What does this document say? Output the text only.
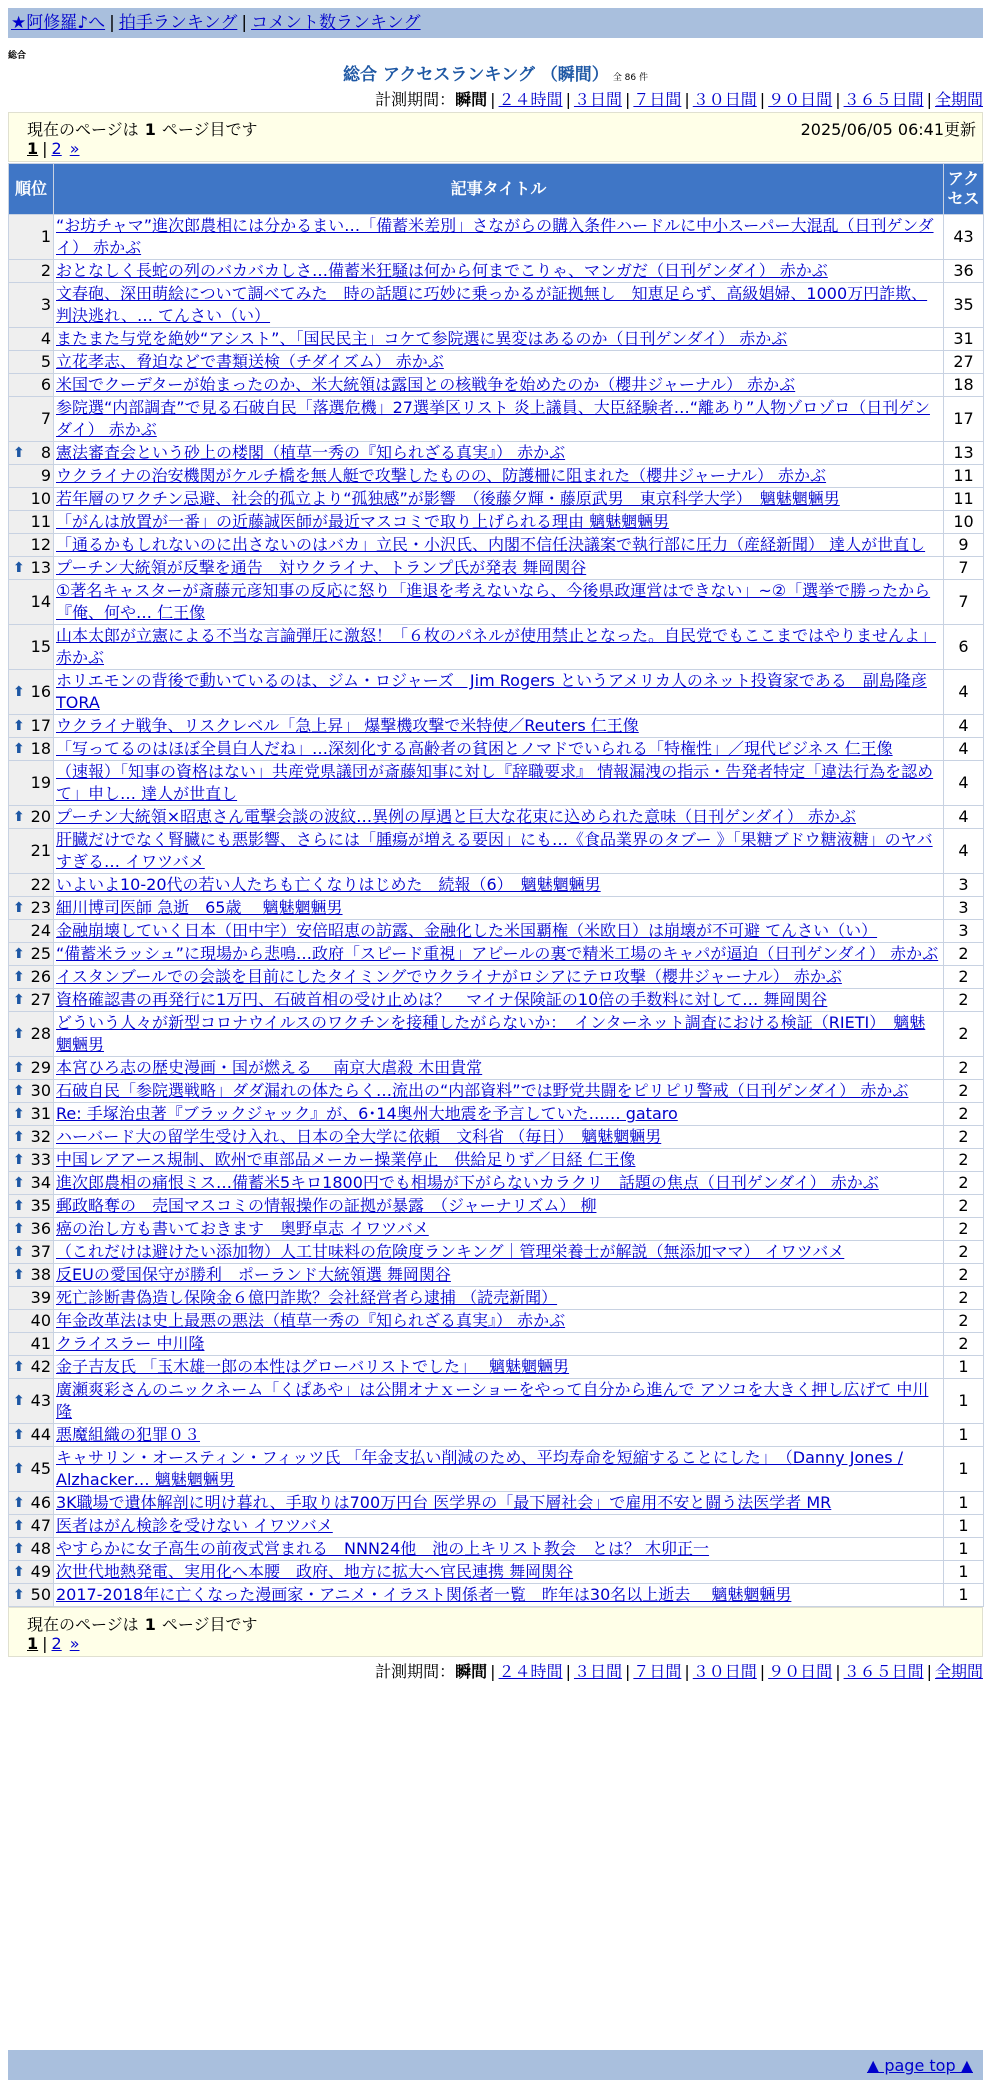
★阿修羅♪へ | 拍手ランキング | コメント数ランキング
総合
総合 アクセスランキング （瞬間） 全 86 件
計測期間：瞬間 | ２４時間 | ３日間 | ７日間 | ３０日間 | ９０日間 | ３６５日間 | 全期間
現在のページは 1 ページ目です	2025/06/05 06:41更新
1 | 2 »
順位	記事タイトル	アクセス
1	“お坊チャマ”進次郎農相には分かるまい…「備蓄米差別」さながらの購入条件ハードルに中小スーパー大混乱（日刊ゲンダイ） 赤かぶ	43
2	おとなしく長蛇の列のバカバカしさ…備蓄米狂騒は何から何までこりゃ、マンガだ（日刊ゲンダイ） 赤かぶ	36
3	文春砲、深田萌絵について調べてみた　時の話題に巧妙に乗っかるが証拠無し　知恵足らず、高級娼婦、1000万円詐欺、判決逃れ、… てんさい（い）	35
4	またまた与党を絶妙“アシスト”、「国民民主」コケて参院選に異変はあるのか（日刊ゲンダイ） 赤かぶ	31
5	立花孝志、脅迫などで書類送検（チダイズム） 赤かぶ	27
6	米国でクーデターが始まったのか、米大統領は露国との核戦争を始めたのか（櫻井ジャーナル） 赤かぶ	18
7	参院選“内部調査”で見る石破自民「落選危機」27選挙区リスト 炎上議員、大臣経験者…“離あり”人物ゾロゾロ（日刊ゲンダイ） 赤かぶ	17

⬆ 8	憲法審査会という砂上の楼閣（植草一秀の『知られざる真実』） 赤かぶ	13
9	ウクライナの治安機関がケルチ橋を無人艇で攻撃したものの、防護柵に阻まれた（櫻井ジャーナル） 赤かぶ	11
10	若年層のワクチン忌避、社会的孤立より“孤独感”が影響　（後藤夕輝・藤原武男　東京科学大学）　魑魅魍魎男	11
11	「がんは放置が一番」の近藤誠医師が最近マスコミで取り上げられる理由 魑魅魍魎男	10
12	「通るかもしれないのに出さないのはバカ」立民・小沢氏、内閣不信任決議案で執行部に圧力（産経新聞） 達人が世直し	9

⬆ 13	プーチン大統領が反撃を通告　対ウクライナ、トランプ氏が発表 舞岡関谷	7
14	①著名キャスターが斎藤元彦知事の反応に怒り「進退を考えないなら、今後県政運営はできない」~②「選挙で勝ったから『俺、何や… 仁王像	7
15	山本太郎が立憲による不当な言論弾圧に激怒！「６枚のパネルが使用禁止となった。自民党でもここまではやりませんよ」 赤かぶ	6

⬆ 16	ホリエモンの背後で動いているのは、ジム・ロジャーズ　Jim Rogers というアメリカ人のネット投資家である　副島隆彦 TORA	4

⬆ 17	ウクライナ戦争、リスクレベル「急上昇」 爆撃機攻撃で米特使／Reuters 仁王像	4

⬆ 18	「写ってるのはほぼ全員白人だね」…深刻化する高齢者の貧困とノマドでいられる「特権性」／現代ビジネス 仁王像	4
19	（速報）「知事の資格はない」共産党県議団が斎藤知事に対し『辞職要求』 情報漏洩の指示・告発者特定「違法行為を認めて」申し… 達人が世直し	4

⬆ 20	プーチン大統領×昭恵さん電撃会談の波紋…異例の厚遇と巨大な花束に込められた意味（日刊ゲンダイ） 赤かぶ	4
21	肝臓だけでなく腎臓にも悪影響、さらには「腫瘍が増える要因」にも…《食品業界のタブー 》「果糖ブドウ糖液糖」のヤバすぎる… イワツバメ	4
22	いよいよ10-20代の若い人たちも亡くなりはじめた　続報（6）　魑魅魍魎男	3

⬆ 23	細川博司医師 急逝　65歳　 魑魅魍魎男	3
24	金融崩壊していく日本（田中宇）安倍昭恵の訪露、金融化した米国覇権（米欧日）は崩壊が不可避 てんさい（い）	3

⬆ 25	“備蓄米ラッシュ”に現場から悲鳴…政府「スピード重視」アピールの裏で精米工場のキャパが逼迫（日刊ゲンダイ） 赤かぶ	2

⬆ 26	イスタンブールでの会談を目前にしたタイミングでウクライナがロシアにテロ攻撃（櫻井ジャーナル） 赤かぶ	2

⬆ 27	資格確認書の再発行に1万円、石破首相の受け止めは？　マイナ保険証の10倍の手数料に対して… 舞岡関谷	2

⬆ 28	どういう人々が新型コロナウイルスのワクチンを接種したがらないか：　インターネット調査における検証（RIETI）　魑魅魍魎男	2

⬆ 29	本宮ひろ志の歴史漫画・国が燃える　 南京大虐殺 木田貴常	2

⬆ 30	石破自民「参院選戦略」ダダ漏れの体たらく…流出の“内部資料”では野党共闘をピリピリ警戒（日刊ゲンダイ） 赤かぶ	2

⬆ 31	Re: 手塚治虫著『ブラックジャック』が、6･14奥州大地震を予言していた…… gataro	2

⬆ 32	ハーバード大の留学生受け入れ、日本の全大学に依頼　文科省 （毎日）　魑魅魍魎男	2

⬆ 33	中国レアアース規制、欧州で車部品メーカー操業停止　供給足りず／日経 仁王像	2

⬆ 34	進次郎農相の痛恨ミス…備蓄米5キロ1800円でも相場が下がらないカラクリ　話題の焦点（日刊ゲンダイ） 赤かぶ	2

⬆ 35	郵政略奪の　売国マスコミの情報操作の証拠が暴露　（ジャーナリズム） 柳	2

⬆ 36	癌の治し方も書いておきます　奥野卓志 イワツバメ	2

⬆ 37	（これだけは避けたい添加物）人工甘味料の危険度ランキング｜管理栄養士が解説（無添加ママ） イワツバメ	2

⬆ 38	反EUの愛国保守が勝利　ポーランド大統領選 舞岡関谷	2
39	死亡診断書偽造し保険金６億円詐欺？会社経営者ら逮捕 （読売新聞）	2
40	年金改革法は史上最悪の悪法（植草一秀の『知られざる真実』） 赤かぶ	2
41	クライスラー 中川隆	2

⬆ 42	金子吉友氏 「玉木雄一郎の本性はグローバリストでした」　 魑魅魍魎男	1

⬆ 43	廣瀬爽彩さんのニックネーム「くぱあや」は公開オナｘーショーをやって自分から進んで アソコを大きく押し広げて 中川隆	1

⬆ 44	悪魔組織の犯罪０３	1

⬆ 45	キャサリン・オースティン・フィッツ氏 「年金支払い削減のため、平均寿命を短縮することにした」　（Danny Jones / Alzhacker… 魑魅魍魎男	1

⬆ 46	3K職場で遺体解剖に明け暮れ、手取りは700万円台 医学界の「最下層社会」で雇用不安と闘う法医学者 MR	1

⬆ 47	医者はがん検診を受けない イワツバメ	1

⬆ 48	やすらかに女子高生の前夜式営まれる　NNN24他　池の上キリスト教会　とは？ 木卯正一	1

⬆ 49	次世代地熱発電、実用化へ本腰　政府、地方に拡大へ官民連携 舞岡関谷	1

⬆ 50	2017-2018年に亡くなった漫画家・アニメ・イラスト関係者一覧　昨年は30名以上逝去　 魑魅魍魎男	1
現在のページは 1 ページ目です
1 | 2 »
計測期間：瞬間 | ２４時間 | ３日間 | ７日間 | ３０日間 | ９０日間 | ３６５日間 | 全期間
▲ page top ▲
